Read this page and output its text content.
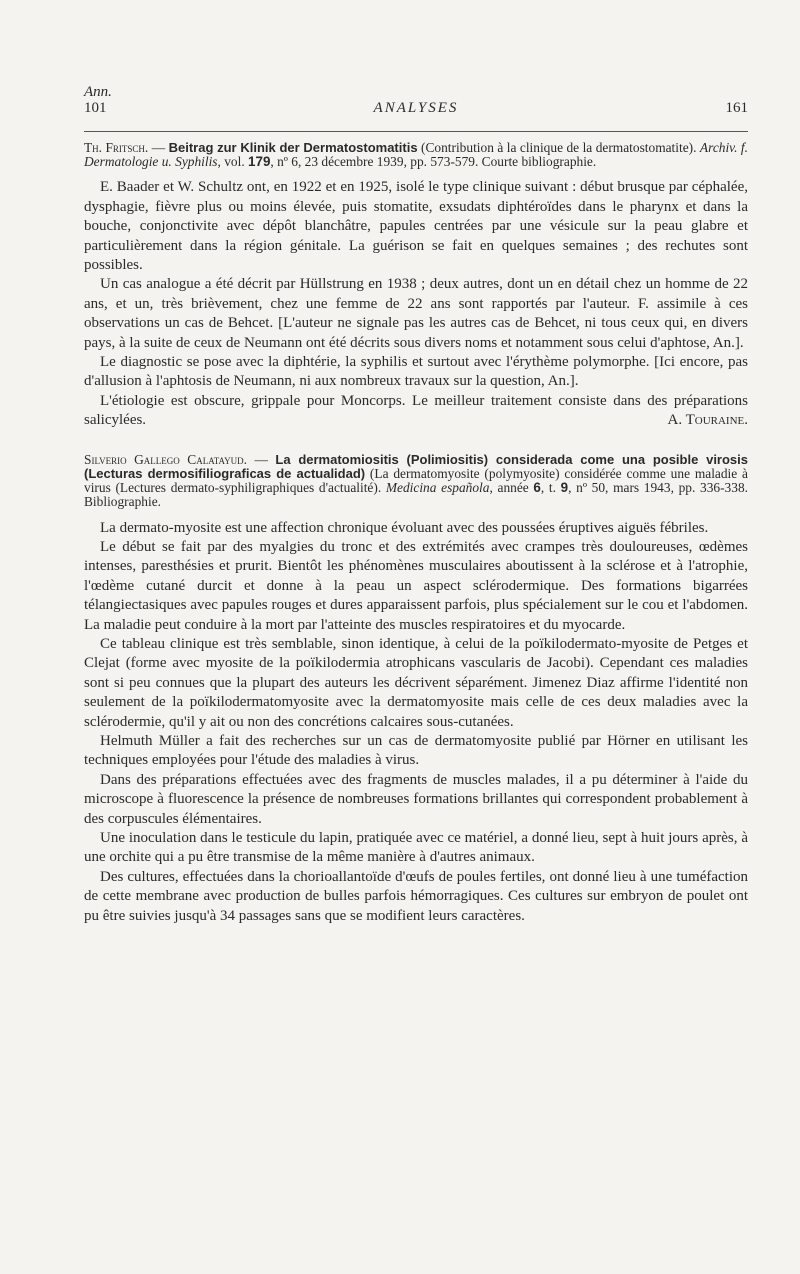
Ann.
101	ANALYSES	161
Th. Fritsch. — Beitrag zur Klinik der Dermatostomatitis (Contribution à la clinique de la dermatostomatite). Archiv. f. Dermatologie u. Syphilis, vol. 179, nº 6, 23 décembre 1939, pp. 573-579. Courte bibliographie.

E. Baader et W. Schultz ont, en 1922 et en 1925, isolé le type clinique suivant : début brusque par céphalée, dysphagie, fièvre plus ou moins élevée, puis stomatite, exsudats diphtéroïdes dans le pharynx et dans la bouche, conjonctivite avec dépôt blanchâtre, papules centrées par une vésicule sur la peau glabre et particulièrement dans la région génitale. La guérison se fait en quelques semaines ; des rechutes sont possibles.

Un cas analogue a été décrit par Hüllstrung en 1938 ; deux autres, dont un en détail chez un homme de 22 ans, et un, très brièvement, chez une femme de 22 ans sont rapportés par l'auteur. F. assimile à ces observations un cas de Behcet. [L'auteur ne signale pas les autres cas de Behcet, ni tous ceux qui, en divers pays, à la suite de ceux de Neumann ont été décrits sous divers noms et notamment sous celui d'aphtose, An.].

Le diagnostic se pose avec la diphtérie, la syphilis et surtout avec l'érythème polymorphe. [Ici encore, pas d'allusion à l'aphtosis de Neumann, ni aux nombreux travaux sur la question, An.].

L'étiologie est obscure, grippale pour Moncorps. Le meilleur traitement consiste dans des préparations salicylées.	A. Touraine.

Silverio Gallego Calatayud. — La dermatomiositis (Polimiositis) considerada come una posible virosis (Lecturas dermosifiliograficas de actualidad) (La dermatomyosite (polymyosite) considérée comme une maladie à virus (Lectures dermato-syphiligraphiques d'actualité). Medicina española, année 6, t. 9, nº 50, mars 1943, pp. 336-338. Bibliographie.

La dermato-myosite est une affection chronique évoluant avec des poussées éruptives aiguës fébriles.

Le début se fait par des myalgies du tronc et des extrémités avec crampes très douloureuses, œdèmes intenses, paresthésies et prurit. Bientôt les phénomènes musculaires aboutissent à la sclérose et à l'atrophie, l'œdème cutané durcit et donne à la peau un aspect sclérodermique. Des formations bigarrées télangiectasiques avec papules rouges et dures apparaissent parfois, plus spécialement sur le cou et l'abdomen. La maladie peut conduire à la mort par l'atteinte des muscles respiratoires et du myocarde.

Ce tableau clinique est très semblable, sinon identique, à celui de la poïkilodermato-myosite de Petges et Clejat (forme avec myosite de la poïkilodermia atrophicans vascularis de Jacobi). Cependant ces maladies sont si peu connues que la plupart des auteurs les décrivent séparément. Jimenez Diaz affirme l'identité non seulement de la poïkilodermatomyosite avec la dermatomyosite mais celle de ces deux maladies avec la sclérodermie, qu'il y ait ou non des concrétions calcaires sous-cutanées.

Helmuth Müller a fait des recherches sur un cas de dermatomyosite publié par Hörner en utilisant les techniques employées pour l'étude des maladies à virus.

Dans des préparations effectuées avec des fragments de muscles malades, il a pu déterminer à l'aide du microscope à fluorescence la présence de nombreuses formations brillantes qui correspondent probablement à des corpuscules élémentaires.

Une inoculation dans le testicule du lapin, pratiquée avec ce matériel, a donné lieu, sept à huit jours après, à une orchite qui a pu être transmise de la même manière à d'autres animaux.

Des cultures, effectuées dans la chorioallantoïde d'œufs de poules fertiles, ont donné lieu à une tuméfaction de cette membrane avec production de bulles parfois hémorragiques. Ces cultures sur embryon de poulet ont pu être suivies jusqu'à 34 passages sans que se modifient leurs caractères.
